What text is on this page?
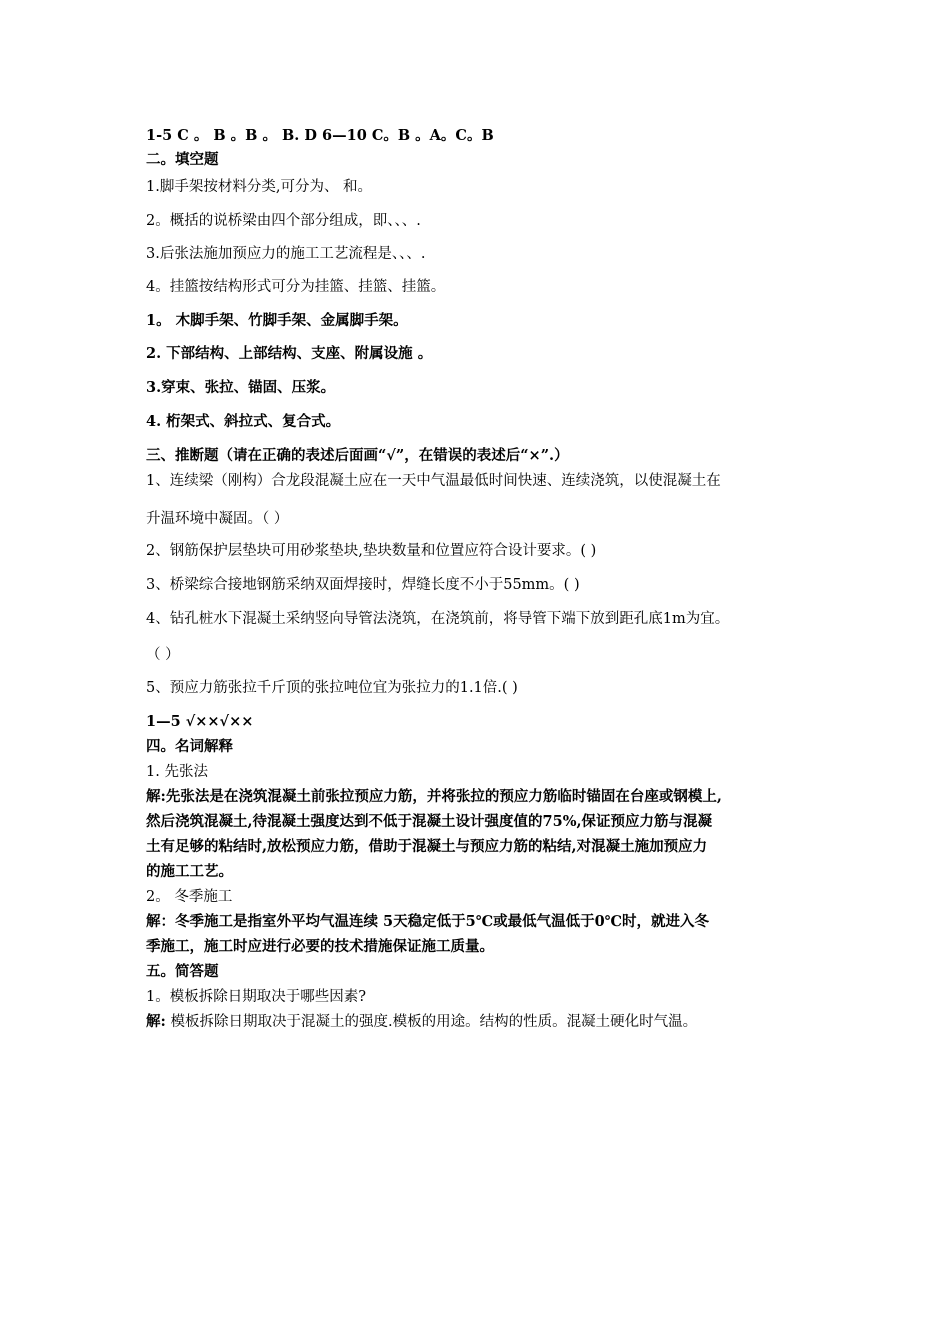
1-5 C 。 B 。B 。 B. D 6—10 C。B 。A。C。B
二。填空题
1.脚手架按材料分类,可分为、 和。
2。概括的说桥梁由四个部分组成，即、、、.
3.后张法施加预应力的施工工艺流程是、、、.
4。挂篮按结构形式可分为挂篮、挂篮、挂篮。
1。 木脚手架、竹脚手架、金属脚手架。
2. 下部结构、上部结构、支座、附属设施 。
3.穿束、张拉、锚固、压浆。
4. 桁架式、斜拉式、复合式。
三、推断题（请在正确的表述后面画“√”，在错误的表述后“×”.）
1、连续梁（刚构）合龙段混凝土应在一天中气温最低时间快速、连续浇筑，以使混凝土在
升温环境中凝固。（ ）
2、钢筋保护层垫块可用砂浆垫块,垫块数量和位置应符合设计要求。( )
3、桥梁综合接地钢筋采纳双面焊接时，焊缝长度不小于55mm。( )
4、钻孔桩水下混凝土采纳竖向导管法浇筑，在浇筑前，将导管下端下放到距孔底1m为宜。
（ ）
5、预应力筋张拉千斤顶的张拉吨位宜为张拉力的1.1倍.( )
1—5 √××√××
四。名词解释
1. 先张法
解:先张法是在浇筑混凝土前张拉预应力筋，并将张拉的预应力筋临时锚固在台座或钢模上,
然后浇筑混凝土,待混凝土强度达到不低于混凝土设计强度值的75%,保证预应力筋与混凝
土有足够的粘结时,放松预应力筋，借助于混凝土与预应力筋的粘结,对混凝土施加预应力
的施工工艺。
2。 冬季施工
解：冬季施工是指室外平均气温连续 5天稳定低于5℃或最低气温低于0℃时，就进入冬
季施工，施工时应进行必要的技术措施保证施工质量。
五。简答题
1。模板拆除日期取决于哪些因素?
解: 模板拆除日期取决于混凝土的强度.模板的用途。结构的性质。混凝土硬化时气温。
